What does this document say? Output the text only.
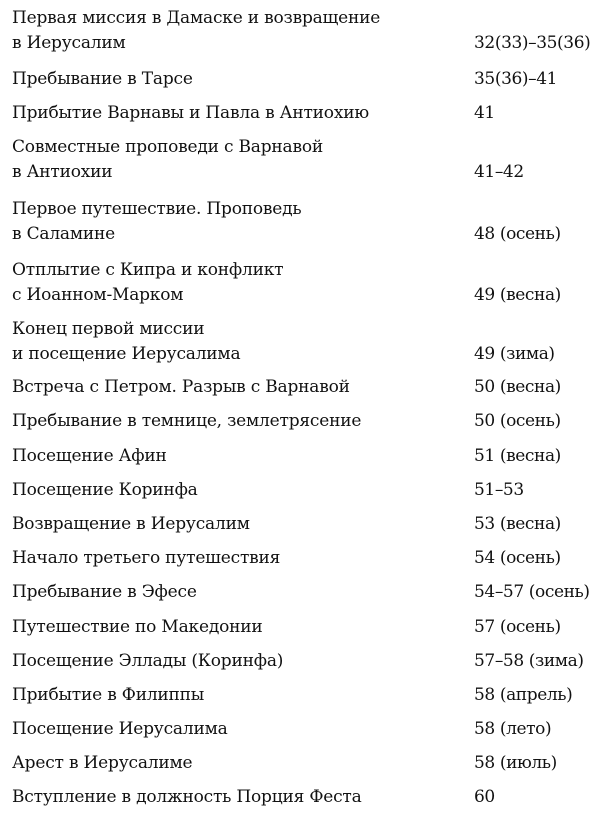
Первая миссия в Дамаске и возвращение
в Иерусалим	32(33)–35(36)
Пребывание в Тарсе	35(36)–41
Прибытие Варнавы и Павла в Антиохию	41
Совместные проповеди с Варнавой
в Антиохии	41–42
Первое путешествие. Проповедь
в Саламине	48 (осень)
Отплытие с Кипра и конфликт
с Иоанном-Марком	49 (весна)
Конец первой миссии
и посещение Иерусалима	49 (зима)
Встреча с Петром. Разрыв с Варнавой	50 (весна)
Пребывание в темнице, землетрясение	50 (осень)
Посещение Афин	51 (весна)
Посещение Коринфа	51–53
Возвращение в Иерусалим	53 (весна)
Начало третьего путешествия	54 (осень)
Пребывание в Эфесе	54–57 (осень)
Путешествие по Македонии	57 (осень)
Посещение Эллады (Коринфа)	57–58 (зима)
Прибытие в Филиппы	58 (апрель)
Посещение Иерусалима	58 (лето)
Арест в Иерусалиме	58 (июль)
Вступление в должность Порция Феста	60
